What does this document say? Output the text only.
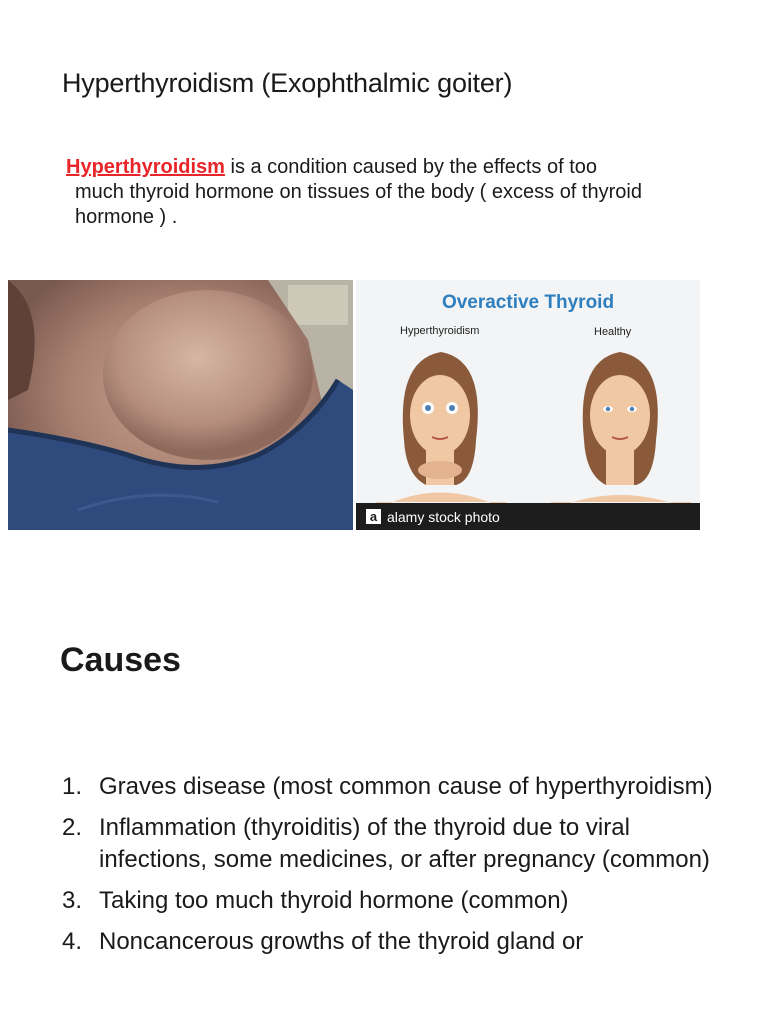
Hyperthyroidism (Exophthalmic goiter)
Hyperthyroidism is a condition caused by the effects of too
much thyroid hormone on tissues of the body ( excess of thyroid hormone ) .
Overactive Thyroid
Hyperthyroidism	Healthy
a alamy stock photo
Causes
1. Graves disease (most common cause of hyperthyroidism)
2. Inflammation (thyroiditis) of the thyroid due to viral infections, some medicines, or after pregnancy (common)
3. Taking too much thyroid hormone (common)
4. Noncancerous growths of the thyroid gland or
